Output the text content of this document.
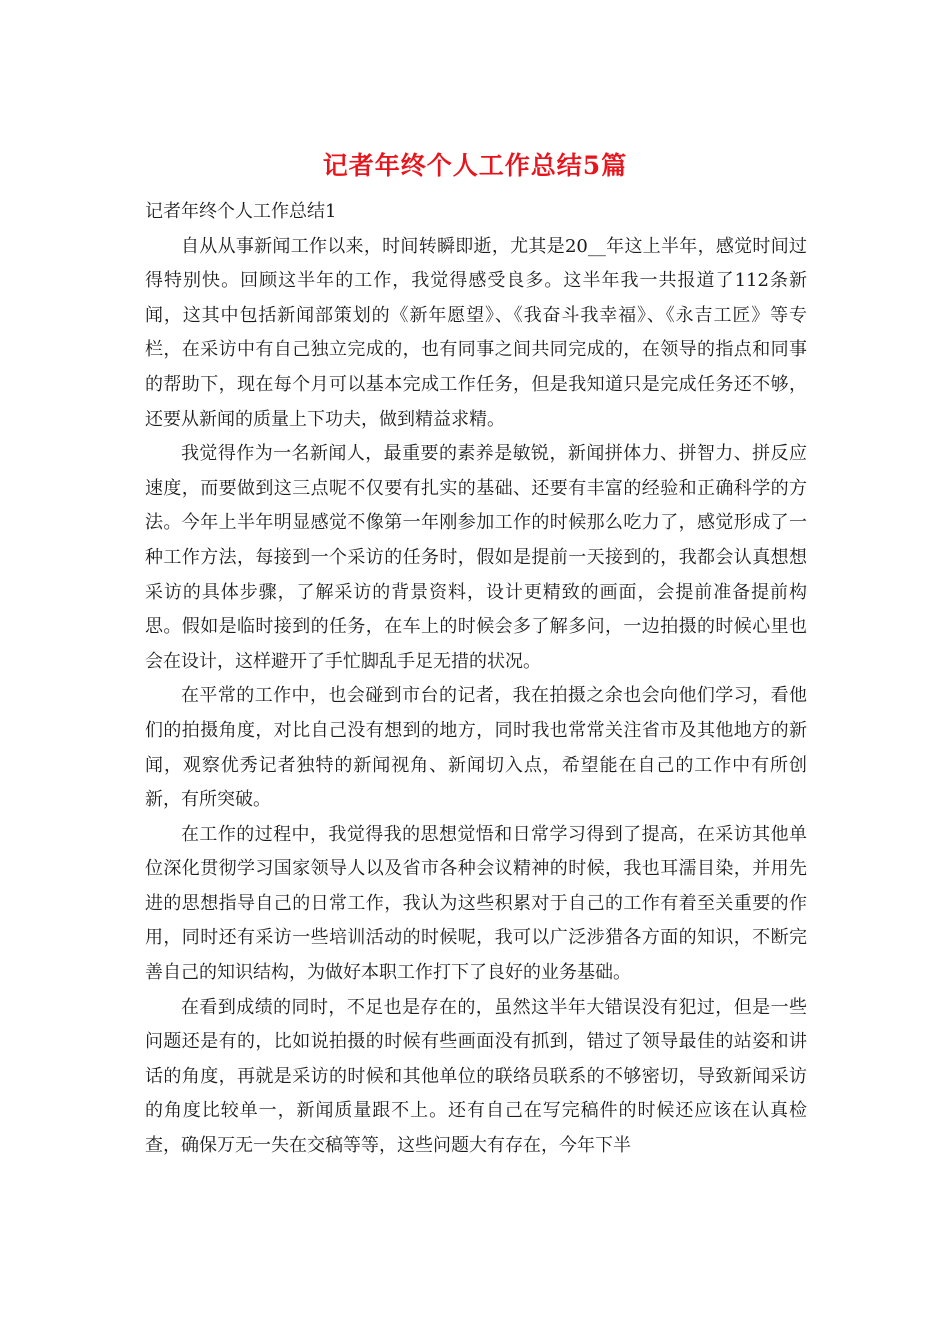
记者年终个人工作总结5篇

记者年终个人工作总结1

自从从事新闻工作以来，时间转瞬即逝，尤其是20__年这上半年，感觉时间过得特别快。回顾这半年的工作，我觉得感受良多。这半年我一共报道了112条新闻，这其中包括新闻部策划的《新年愿望》、《我奋斗我幸福》、《永吉工匠》等专栏，在采访中有自己独立完成的，也有同事之间共同完成的，在领导的指点和同事的帮助下，现在每个月可以基本完成工作任务，但是我知道只是完成任务还不够，还要从新闻的质量上下功夫，做到精益求精。

我觉得作为一名新闻人，最重要的素养是敏锐，新闻拼体力、拼智力、拼反应速度，而要做到这三点呢不仅要有扎实的基础、还要有丰富的经验和正确科学的方法。今年上半年明显感觉不像第一年刚参加工作的时候那么吃力了，感觉形成了一种工作方法，每接到一个采访的任务时，假如是提前一天接到的，我都会认真想想采访的具体步骤，了解采访的背景资料，设计更精致的画面，会提前准备提前构思。假如是临时接到的任务，在车上的时候会多了解多问，一边拍摄的时候心里也会在设计，这样避开了手忙脚乱手足无措的状况。

在平常的工作中，也会碰到市台的记者，我在拍摄之余也会向他们学习，看他们的拍摄角度，对比自己没有想到的地方，同时我也常常关注省市及其他地方的新闻，观察优秀记者独特的新闻视角、新闻切入点，希望能在自己的工作中有所创新，有所突破。

在工作的过程中，我觉得我的思想觉悟和日常学习得到了提高，在采访其他单位深化贯彻学习国家领导人以及省市各种会议精神的时候，我也耳濡目染，并用先进的思想指导自己的日常工作，我认为这些积累对于自己的工作有着至关重要的作用，同时还有采访一些培训活动的时候呢，我可以广泛涉猎各方面的知识，不断完善自己的知识结构，为做好本职工作打下了良好的业务基础。

在看到成绩的同时，不足也是存在的，虽然这半年大错误没有犯过，但是一些问题还是有的，比如说拍摄的时候有些画面没有抓到，错过了领导最佳的站姿和讲话的角度，再就是采访的时候和其他单位的联络员联系的不够密切，导致新闻采访的角度比较单一，新闻质量跟不上。还有自己在写完稿件的时候还应该在认真检查，确保万无一失在交稿等等，这些问题大有存在，今年下半
